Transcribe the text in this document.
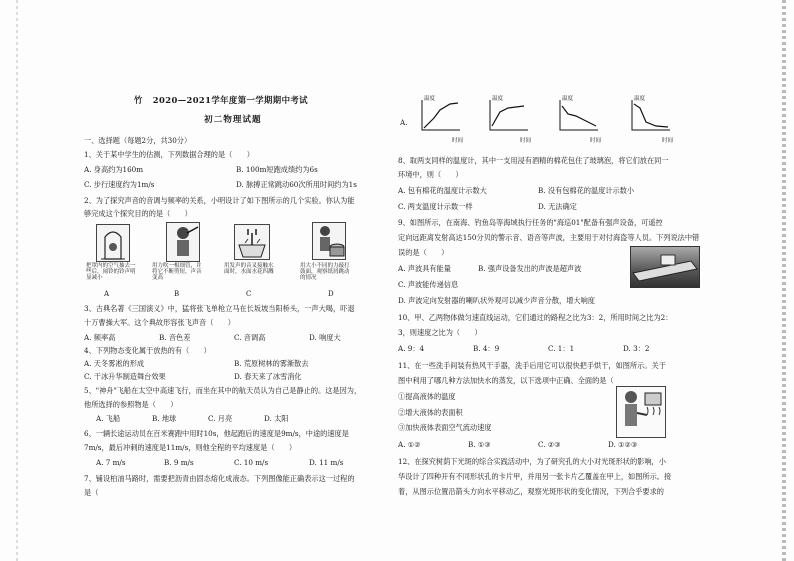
竹 2020—2021学年度第一学期期中考试
初二物理试题
一、选择题（每题2分，共30分）
1、关于某中学生的估测，下列数据合理的是（　　）
A. 身高约为160m	B. 100m短跑成绩约为6s
C. 步行速度约为1m/s	D. 脉搏正常跳动60次所用时间约为1s
2、为了探究声音的音调与频率的关系，小明设计了如下图所示的几个实验。你认为能
够完成这个探究目的的是（　　）
把罩内的空气抽去一些后，闹铃的铃声明显减小
A
用力吹一根细管，并将它不断剪短，声音变高
B
用发声的音叉接触水面时，水面水花四溅
C
用大小不同的力敲打鼓面，观察纸屑跳动的情况
D
3、古典名著《三国演义》中，猛将张飞单枪立马在长坂坡当阳桥头，一声大喝，吓退
十万曹操大军。这个典故形容张飞声音（　　）
A. 频率高	B. 音色差	C. 音调高	D. 响度大
4、下列物态变化属于放热的有（　　）
A. 天冬雾凇的形成	B. 荒原树林的雾渐散去
C. 干冰升华制造舞台效果	D. 春天来了冰雪消化
5、"神舟"飞船在太空中高速飞行，而坐在其中的航天员认为自己是静止的。这是因为，
他所选择的参照物是（　　）
A. 飞船	B. 地球	C. 月亮	D. 太阳
6、一辆长途运动员在百米赛跑中用时10s，他起跑后的速度是9m/s，中途的速度是
7m/s，最后冲刺的速度是11m/s，则他全程的平均速度是（　　）
A. 7 m/s	B. 9 m/s	C. 10 m/s	D. 11 m/s
7、铺设柏油马路时，需要把沥青由固态熔化成液态。下列图像能正确表示这一过程的
是（
A.
温度
时间
温度
时间
温度
时间
温度
时间
8、取两支同样的温度计，其中一支用浸有酒精的棉花包住了玻璃泡，将它们放在同一
环境中，则（　　）
A. 包有棉花的温度计示数大	B. 没有包棉花的温度计示数小
C. 两支温度计示数一样	D. 无法确定
9、如图所示，在南海、钓鱼岛等海域执行任务的"海巡01"配备有强声设备，可遥控
定向远距离发射高达150分贝的警示音、语音等声波，主要用于对付海盗等人员。下列说法中错
误的是（　　）
A. 声波具有能量	B. 强声设备发出的声波是超声波
C. 声波能传递信息
D. 声波定向发射器的喇叭状外观可以减少声音分散，增大响度
10、甲、乙两物体做匀速直线运动，它们通过的路程之比为3：2，所用时间之比为2：
3，则速度之比为（　　）
A. 9：4	B. 4：9	C. 1：1	D. 3：2
11、在一些洗手间装有热风干手器，洗手后用它可以很快把手烘干，如图所示。关于
图中利用了哪几种方法加快水的蒸发，以下选项中正确、全面的是（
①提高液体的温度
②增大液体的表面积
③加快液体表面空气流动速度
A. ①②	B. ①③	C. ②③	D. ①②③
12、在探究树荫下光斑的综合实践活动中，为了研究孔的大小对光斑形状的影响，小
华设计了四种开有不同形状孔的卡片甲，并用另一张卡片乙覆盖在甲上，如图所示。接
着，从图示位置沿箭头方向水平移动乙，观察光斑形状的变化情况，下列合乎要求的
